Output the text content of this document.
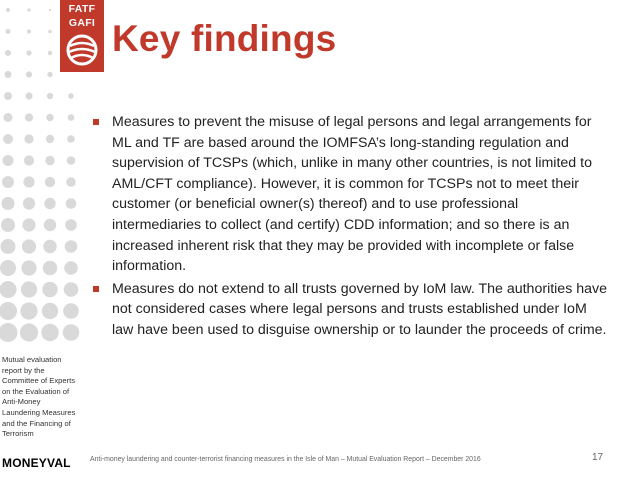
Mutual evaluation report by the Committee of Experts on the Evaluation of Anti-Money Laundering Measures and the Financing of Terrorism
MONEYVAL
FATF
GAFI Key findings
Measures to prevent the misuse of legal persons and legal arrangements for ML and TF are based around the IOMFSA’s long-standing regulation and supervision of TCSPs (which, unlike in many other countries, is not limited to AML/CFT compliance). However, it is common for TCSPs not to meet their customer (or beneficial owner(s) thereof) and to use professional intermediaries to collect (and certify) CDD information; and so there is an increased inherent risk that they may be provided with incomplete or false information.
Measures do not extend to all trusts governed by IoM law. The authorities have not considered cases where legal persons and trusts established under IoM law have been used to disguise ownership or to launder the proceeds of crime.
Anti-money laundering and counter-terrorist financing measures in the Isle of Man – Mutual Evaluation Report – December 2016	17
